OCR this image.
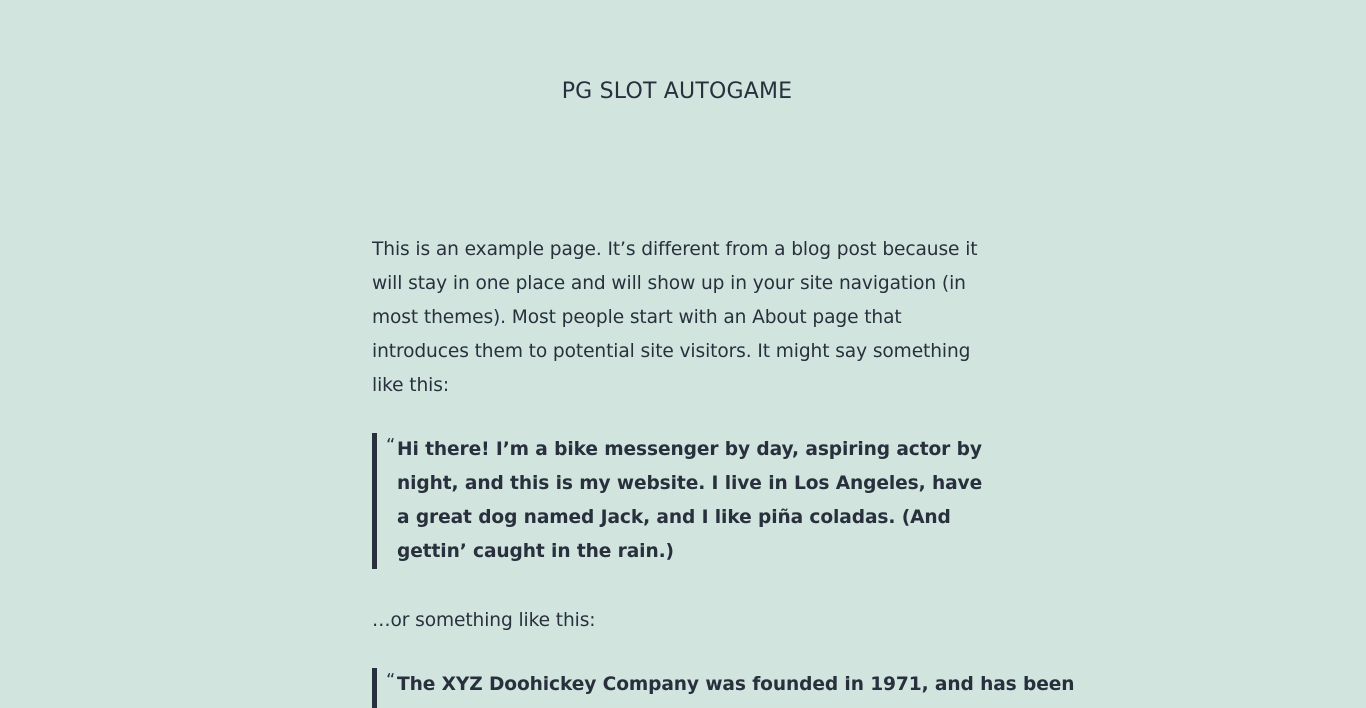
PG SLOT AUTOGAME

This is an example page. It’s different from a blog post because it will stay in one place and will show up in your site navigation (in most themes). Most people start with an About page that introduces them to potential site visitors. It might say something like this:

“ Hi there! I’m a bike messenger by day, aspiring actor by night, and this is my website. I live in Los Angeles, have a great dog named Jack, and I like piña coladas. (And gettin’ caught in the rain.)

…or something like this:

“ The XYZ Doohickey Company was founded in 1971, and has been
